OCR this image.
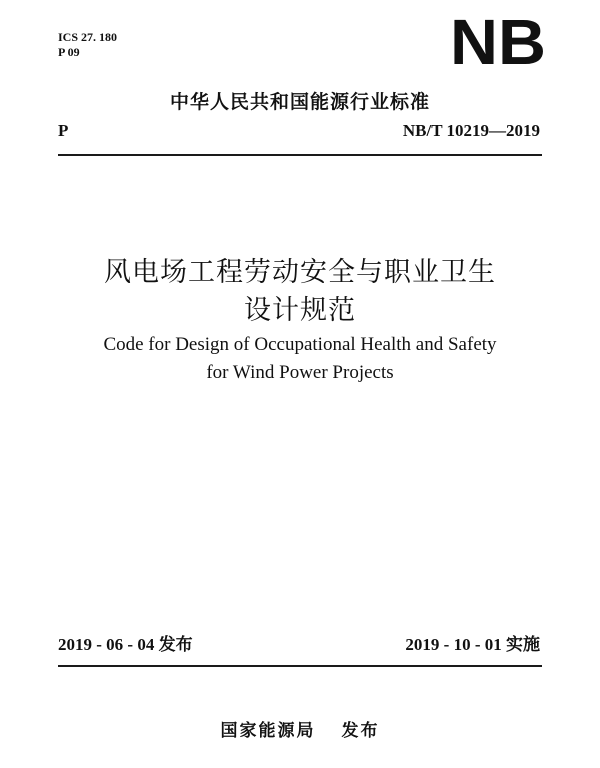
ICS 27. 180
P 09	NB
中华人民共和国能源行业标准
P	NB/T 10219—2019
风电场工程劳动安全与职业卫生
设计规范
Code for Design of Occupational Health and Safety
for Wind Power Projects
2019 - 06 - 04 发布	2019 - 10 - 01 实施
国家能源局 发布
